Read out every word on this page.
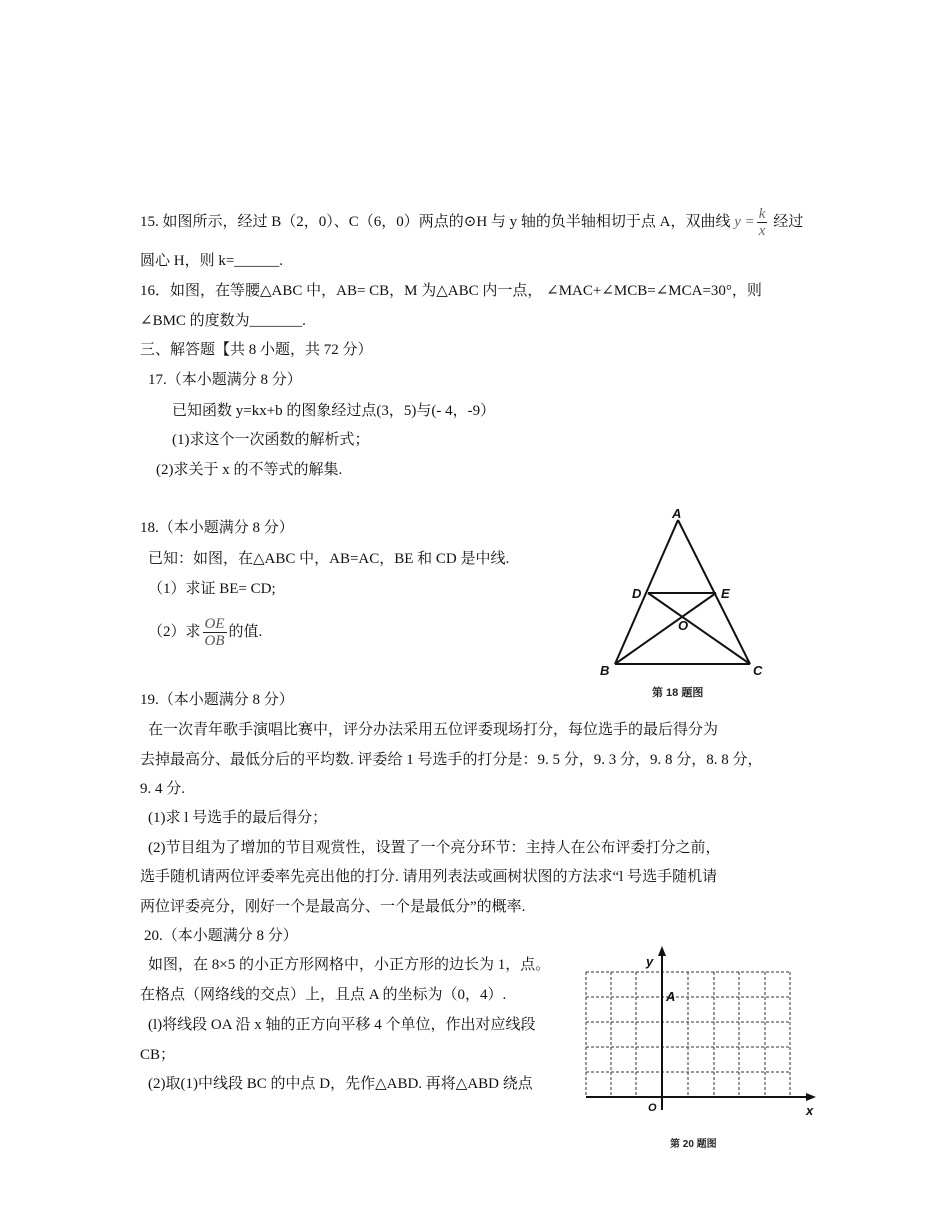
15. 如图所示，经过 B（2，0）、C（6，0）两点的⊙H 与 y 轴的负半轴相切于点 A，双曲线 $y = \frac{k}{x}$ 经过
圆心 H，则 k=______.
16．如图，在等腰△ABC 中，AB= CB，M 为△ABC 内一点， ∠MAC+∠MCB=∠MCA=30°，则
∠BMC 的度数为_______.
三、解答题【共 8 小题，共 72 分）
17.（本小题满分 8 分）
已知函数 y=kx+b 的图象经过点(3，5)与(- 4，-9）
(1)求这个一次函数的解析式；
(2)求关于 x 的不等式的解集.
18.（本小题满分 8 分）
已知：如图，在△ABC 中，AB=AC，BE 和 CD 是中线.
（1）求证 BE= CD;
（2）求 $\frac{OE}{OB}$ 的值.
A
D	E
O
B	C
第 18 题图
19.（本小题满分 8 分）
在一次青年歌手演唱比赛中，评分办法采用五位评委现场打分，每位选手的最后得分为
去掉最高分、最低分后的平均数. 评委给 1 号选手的打分是：9. 5 分，9. 3 分，9. 8 分，8. 8 分，
9. 4 分.
(1)求 l 号选手的最后得分；
(2)节目组为了增加的节目观赏性，设置了一个亮分环节：主持人在公布评委打分之前，
选手随机请两位评委率先亮出他的打分. 请用列表法或画树状图的方法求“l 号选手随机请
两位评委亮分，刚好一个是最高分、一个是最低分”的概率.
20.（本小题满分 8 分）
如图，在 8×5 的小正方形网格中，小正方形的边长为 1，点。
在格点（网络线的交点）上，且点 A 的坐标为（0，4）.
(l)将线段 OA 沿 x 轴的正方向平移 4 个单位，作出对应线段
CB；
(2)取(1)中线段 BC 的中点 D，先作△ABD. 再将△ABD 绕点
y
A
O	x
第 20 题图
